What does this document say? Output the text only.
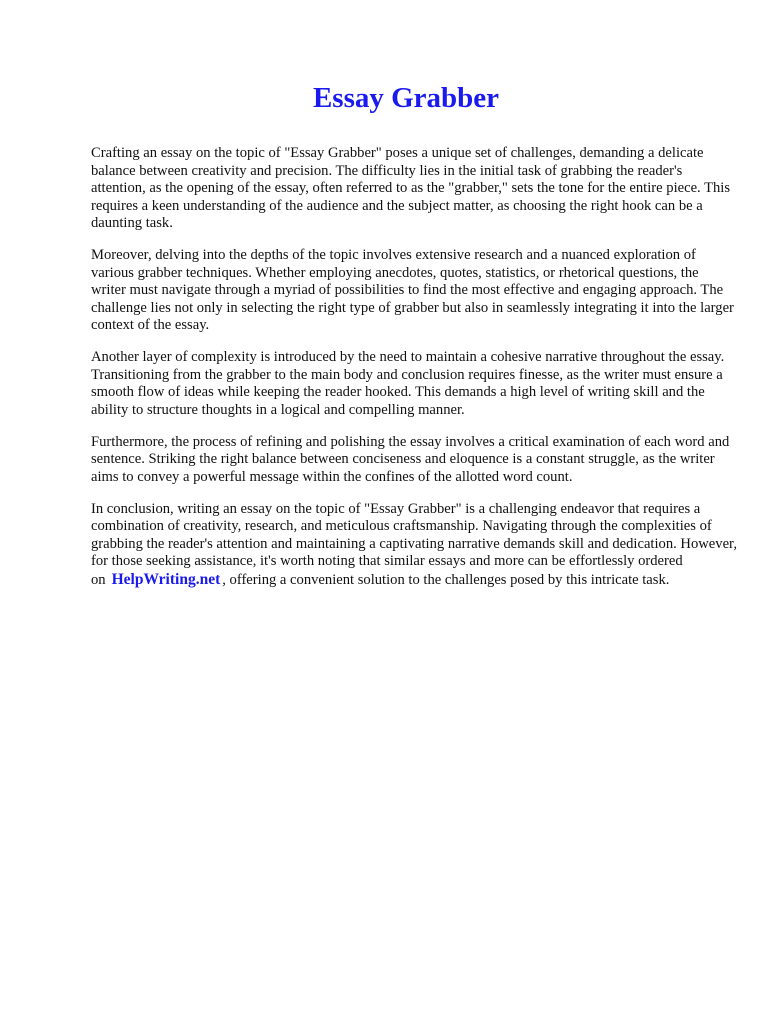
Essay Grabber

Crafting an essay on the topic of "Essay Grabber" poses a unique set of challenges, demanding a delicate balance between creativity and precision. The difficulty lies in the initial task of grabbing the reader's attention, as the opening of the essay, often referred to as the "grabber," sets the tone for the entire piece. This requires a keen understanding of the audience and the subject matter, as choosing the right hook can be a daunting task.

Moreover, delving into the depths of the topic involves extensive research and a nuanced exploration of various grabber techniques. Whether employing anecdotes, quotes, statistics, or rhetorical questions, the writer must navigate through a myriad of possibilities to find the most effective and engaging approach. The challenge lies not only in selecting the right type of grabber but also in seamlessly integrating it into the larger context of the essay.

Another layer of complexity is introduced by the need to maintain a cohesive narrative throughout the essay. Transitioning from the grabber to the main body and conclusion requires finesse, as the writer must ensure a smooth flow of ideas while keeping the reader hooked. This demands a high level of writing skill and the ability to structure thoughts in a logical and compelling manner.

Furthermore, the process of refining and polishing the essay involves a critical examination of each word and sentence. Striking the right balance between conciseness and eloquence is a constant struggle, as the writer aims to convey a powerful message within the confines of the allotted word count.

In conclusion, writing an essay on the topic of "Essay Grabber" is a challenging endeavor that requires a combination of creativity, research, and meticulous craftsmanship. Navigating through the complexities of grabbing the reader's attention and maintaining a captivating narrative demands skill and dedication. However, for those seeking assistance, it's worth noting that similar essays and more can be effortlessly ordered on HelpWriting.net , offering a convenient solution to the challenges posed by this intricate task.
